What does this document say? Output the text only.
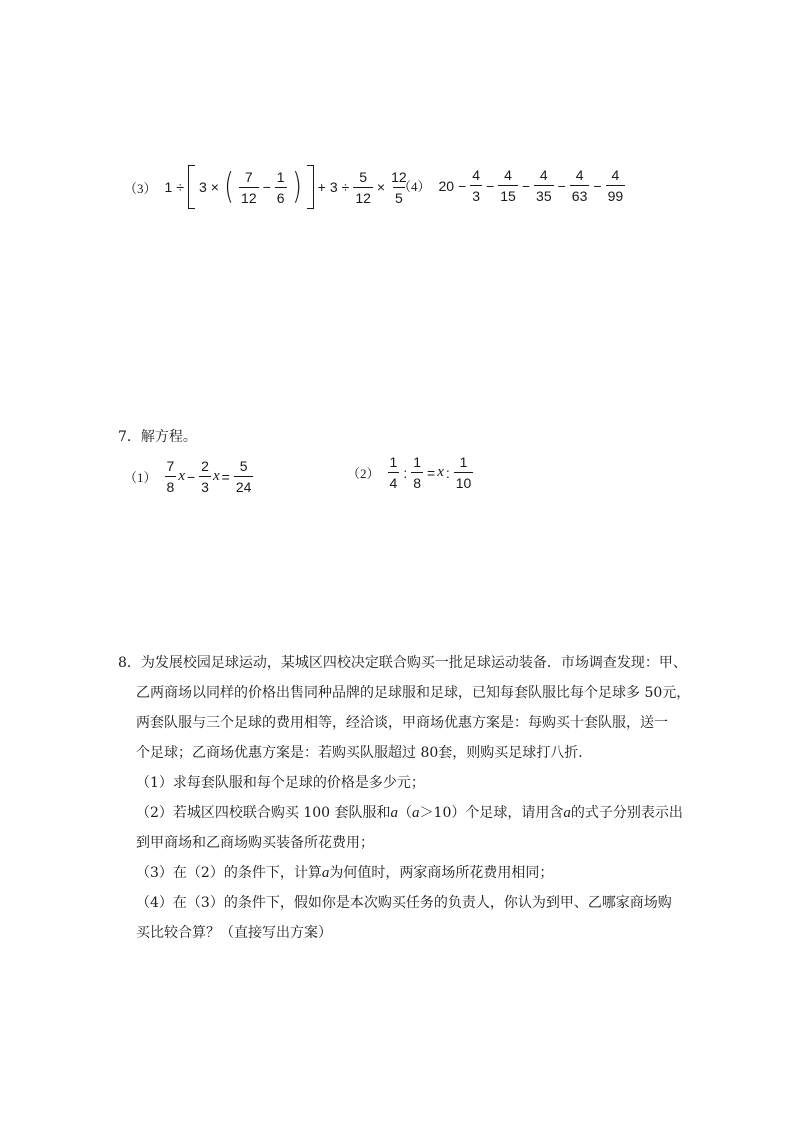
（3） 1 ÷ 3 × ( $\frac{7}{12} - \frac{1}{6}$ ) + $3 \div \frac{5}{12} \times \frac{12}{5}$
（4） $20 - \frac{4}{3} - \frac{4}{15} - \frac{4}{35} - \frac{4}{63} - \frac{4}{99}$
7．解方程。
$(1) \frac{7}{8}$ $x - \frac{2}{3}$ $x = \frac{5}{24}$	$(2) \frac{1}{4}$ : $\frac{1}{8} = x$ : $\frac{1}{10}$
8．为发展校园足球运动，某城区四校决定联合购买一批足球运动装备．市场调查发现：甲、
乙两商场以同样的价格出售同种品牌的足球服和足球，已知每套队服比每个足球多 50元，
两套队服与三个足球的费用相等，经洽谈，甲商场优惠方案是：每购买十套队服，送一
个足球；乙商场优惠方案是：若购买队服超过 80套，则购买足球打八折．
（1）求每套队服和每个足球的价格是多少元；
（2）若城区四校联合购买 100 套队服和a（a＞10）个足球，请用含a的式子分别表示出
到甲商场和乙商场购买装备所花费用；
（3）在（2）的条件下，计算a为何值时，两家商场所花费用相同；
（4）在（3）的条件下，假如你是本次购买任务的负责人，你认为到甲、乙哪家商场购
买比较合算？（直接写出方案）
